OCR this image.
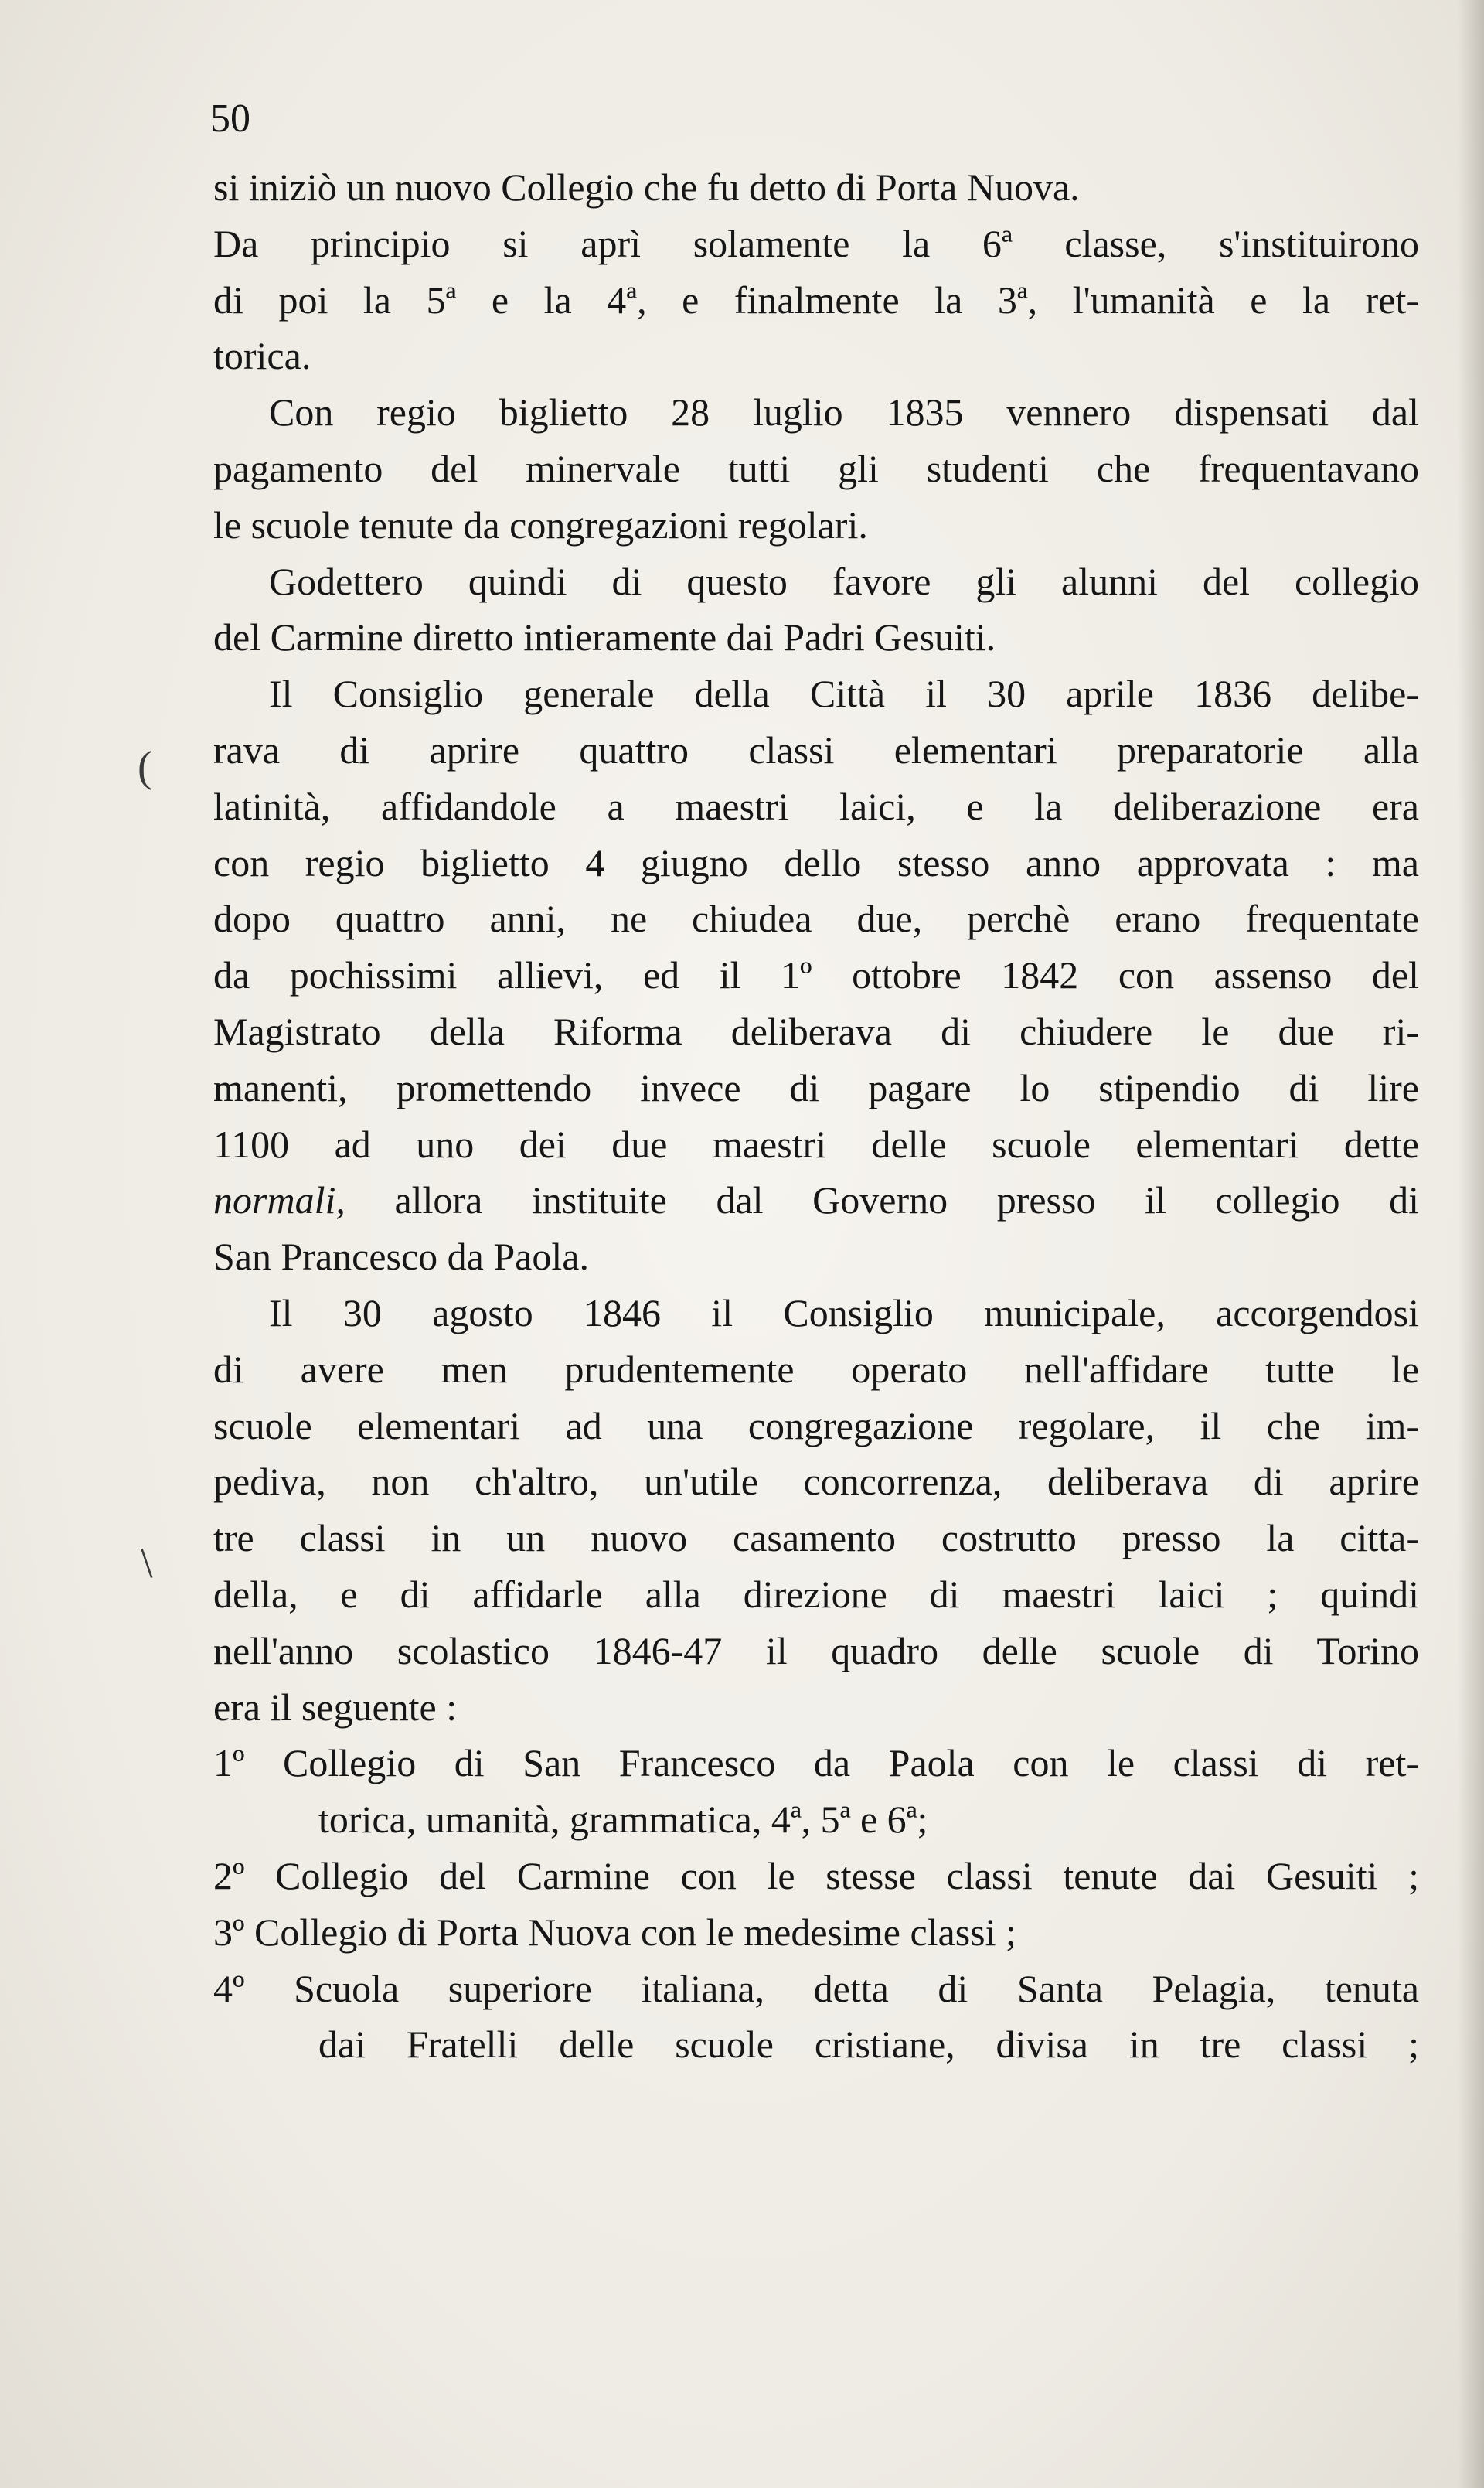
50
(
\
si iniziò un nuovo Collegio che fu detto di Porta Nuova.
Da principio si aprì solamente la 6ª classe, s'instituirono
di poi la 5ª e la 4ª, e finalmente la 3ª, l'umanità e la ret-
torica.
Con regio biglietto 28 luglio 1835 vennero dispensati dal
pagamento del minervale tutti gli studenti che frequentavano
le scuole tenute da congregazioni regolari.
Godettero quindi di questo favore gli alunni del collegio
del Carmine diretto intieramente dai Padri Gesuiti.
Il Consiglio generale della Città il 30 aprile 1836 delibe-
rava di aprire quattro classi elementari preparatorie alla
latinità, affidandole a maestri laici, e la deliberazione era
con regio biglietto 4 giugno dello stesso anno approvata : ma
dopo quattro anni, ne chiudea due, perchè erano frequentate
da pochissimi allievi, ed il 1º ottobre 1842 con assenso del
Magistrato della Riforma deliberava di chiudere le due ri-
manenti, promettendo invece di pagare lo stipendio di lire
1100 ad uno dei due maestri delle scuole elementari dette
normali, allora instituite dal Governo presso il collegio di
San Prancesco da Paola.
Il 30 agosto 1846 il Consiglio municipale, accorgendosi
di avere men prudentemente operato nell'affidare tutte le
scuole elementari ad una congregazione regolare, il che im-
pediva, non ch'altro, un'utile concorrenza, deliberava di aprire
tre classi in un nuovo casamento costrutto presso la citta-
della, e di affidarle alla direzione di maestri laici ; quindi
nell'anno scolastico 1846-47 il quadro delle scuole di Torino
era il seguente :
1º Collegio di San Francesco da Paola con le classi di ret-
torica, umanità, grammatica, 4ª, 5ª e 6ª;
2º Collegio del Carmine con le stesse classi tenute dai Gesuiti ;
3º Collegio di Porta Nuova con le medesime classi ;
4º Scuola superiore italiana, detta di Santa Pelagia, tenuta
dai Fratelli delle scuole cristiane, divisa in tre classi ;
